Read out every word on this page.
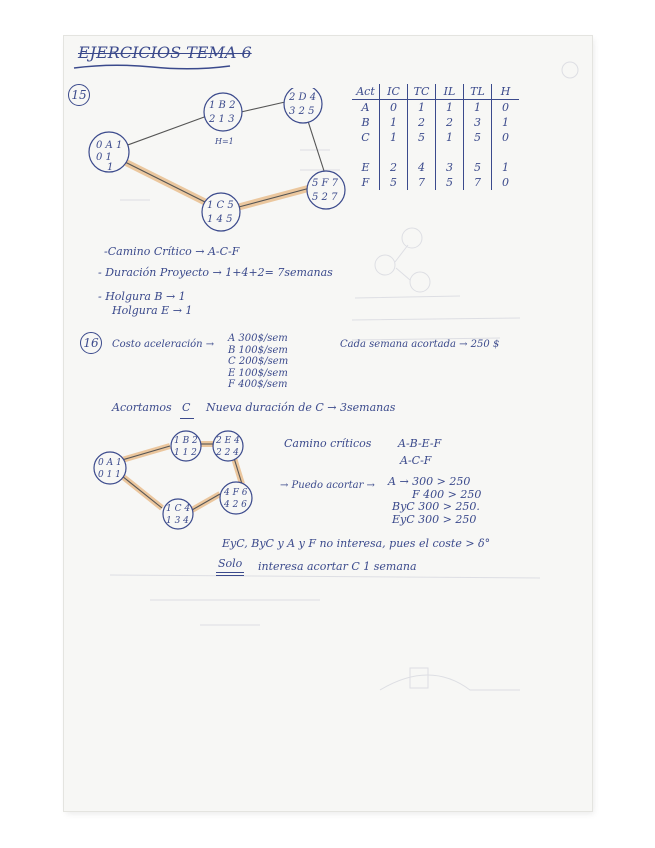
EJERCICIOS TEMA 6
15
0 A 1
0 1
1
1 B 2
2 1 3
2 D 4
3 2 5
1 C 5
1 4 5
5 F 7
5 2 7
H=1
Act	IC	TC	IL	TL	H
A	0	1	1	1	0
B	1	2	2	3	1
C	1	5	1	5	0

E	2	4	3	5	1
F	5	7	5	7	0
-Camino Crítico → A-C-F
- Duración Proyecto → 1+4+2= 7semanas
- Holgura B → 1
Holgura E → 1
16	Costo aceleración →
A 300$/sem
B 100$/sem
C 200$/sem
E 100$/sem
F 400$/sem
Cada semana acortada → 250 $
Acortamos C Nueva duración de C → 3semanas
0 A 1
0 1 1
1 B 2
1 1 2
2 E 4
2 2 4
1 C 4
1 3 4
4 F 6
4 2 6
Camino críticos A-B-E-F
A-C-F
→ Puedo acortar → A → 300 > 250
F 400 > 250
ByC 300 > 250.
EyC 300 > 250
EyC, ByC y A y F no interesa, pues el coste > δ°
Solo interesa acortar C 1 semana
